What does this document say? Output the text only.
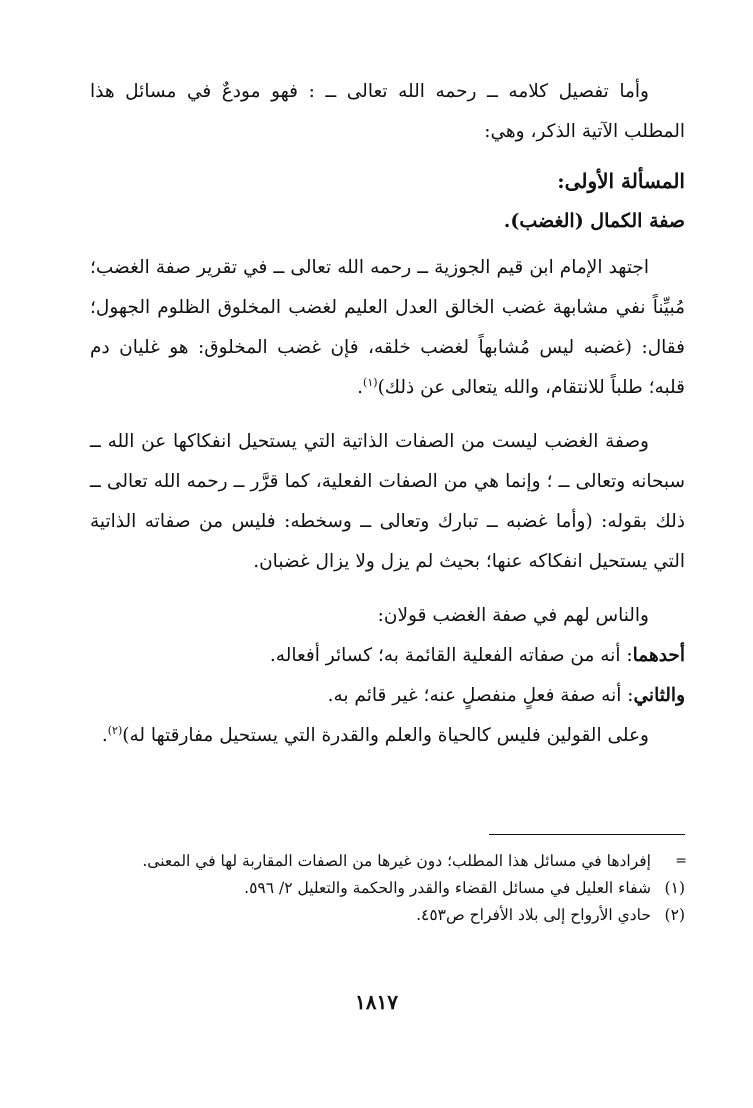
وأما تفصيل كلامه ــ رحمه الله تعالى ــ : فهو مودعٌ في مسائل هذا المطلب الآتية الذكر، وهي:

المسألة الأولى:

صفة الكمال (الغضب).

اجتهد الإمام ابن قيم الجوزية ــ رحمه الله تعالى ــ في تقرير صفة الغضب؛ مُبيِّناً نفي مشابهة غضب الخالق العدل العليم لغضب المخلوق الظلوم الجهول؛ فقال: (غضبه ليس مُشابهاً لغضب خلقه، فإن غضب المخلوق: هو غليان دم قلبه؛ طلباً للانتقام، والله يتعالى عن ذلك)$^{(١)}$.

وصفة الغضب ليست من الصفات الذاتية التي يستحيل انفكاكها عن الله ــ سبحانه وتعالى ــ ؛ وإنما هي من الصفات الفعلية، كما قرَّر ــ رحمه الله تعالى ــ ذلك بقوله: (وأما غضبه ــ تبارك وتعالى ــ وسخطه: فليس من صفاته الذاتية التي يستحيل انفكاكه عنها؛ بحيث لم يزل ولا يزال غضبان.

والناس لهم في صفة الغضب قولان:

أحدهما: أنه من صفاته الفعلية القائمة به؛ كسائر أفعاله.

والثاني: أنه صفة فعلٍ منفصلٍ عنه؛ غير قائم به.

وعلى القولين فليس كالحياة والعلم والقدرة التي يستحيل مفارقتها له)$^{(٢)}$.

=
إفرادها في مسائل هذا المطلب؛ دون غيرها من الصفات المقاربة لها في المعنى.

(١)
شفاء العليل في مسائل القضاء والقدر والحكمة والتعليل ٢/ ٥٩٦.

(٢)
حادي الأرواح إلى بلاد الأفراح ص٤٥٣.

١٨١٧
